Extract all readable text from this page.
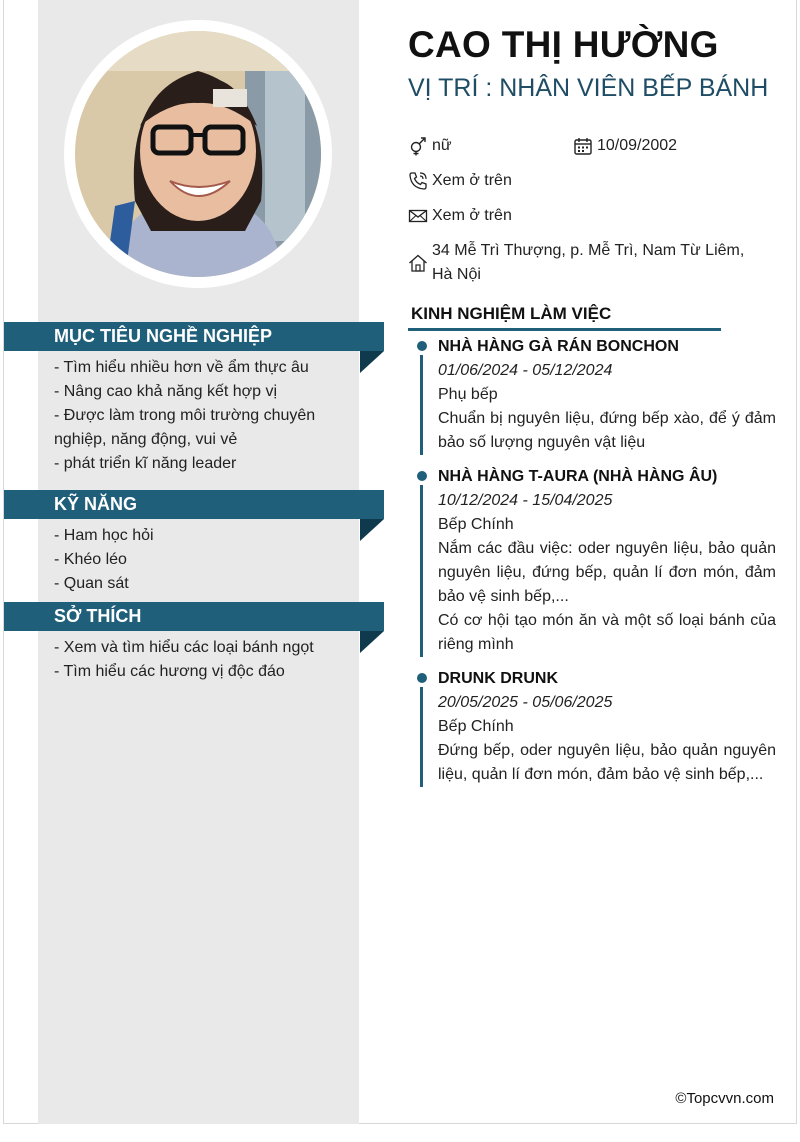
MỤC TIÊU NGHỀ NGHIỆP
- Tìm hiểu nhiều hơn về ẩm thực âu
- Nâng cao khả năng kết hợp vị
- Được làm trong môi trường chuyên nghiệp, năng động, vui vẻ
- phát triển kĩ năng leader
KỸ NĂNG
- Ham học hỏi
- Khéo léo
- Quan sát
SỞ THÍCH
- Xem và tìm hiểu các loại bánh ngọt
- Tìm hiểu các hương vị độc đáo
CAO THỊ HƯỜNG
VỊ TRÍ : NHÂN VIÊN BẾP BÁNH
nữ	10/09/2002
Xem ở trên
Xem ở trên
34 Mễ Trì Thượng, p. Mễ Trì, Nam Từ Liêm, Hà Nội
KINH NGHIỆM LÀM VIỆC
NHÀ HÀNG GÀ RÁN BONCHON
01/06/2024 - 05/12/2024
Phụ bếp
Chuẩn bị nguyên liệu, đứng bếp xào, để ý đảm bảo số lượng nguyên vật liệu
NHÀ HÀNG T-AURA (NHÀ HÀNG ÂU)
10/12/2024 - 15/04/2025
Bếp Chính
Nắm các đầu việc: oder nguyên liệu, bảo quản nguyên liệu, đứng bếp, quản lí đơn món, đảm bảo vệ sinh bếp,...
Có cơ hội tạo món ăn và một số loại bánh của riêng mình
DRUNK DRUNK
20/05/2025 - 05/06/2025
Bếp Chính
Đứng bếp, oder nguyên liệu, bảo quản nguyên liệu, quản lí đơn món, đảm bảo vệ sinh bếp,...
©Topcvvn.com
